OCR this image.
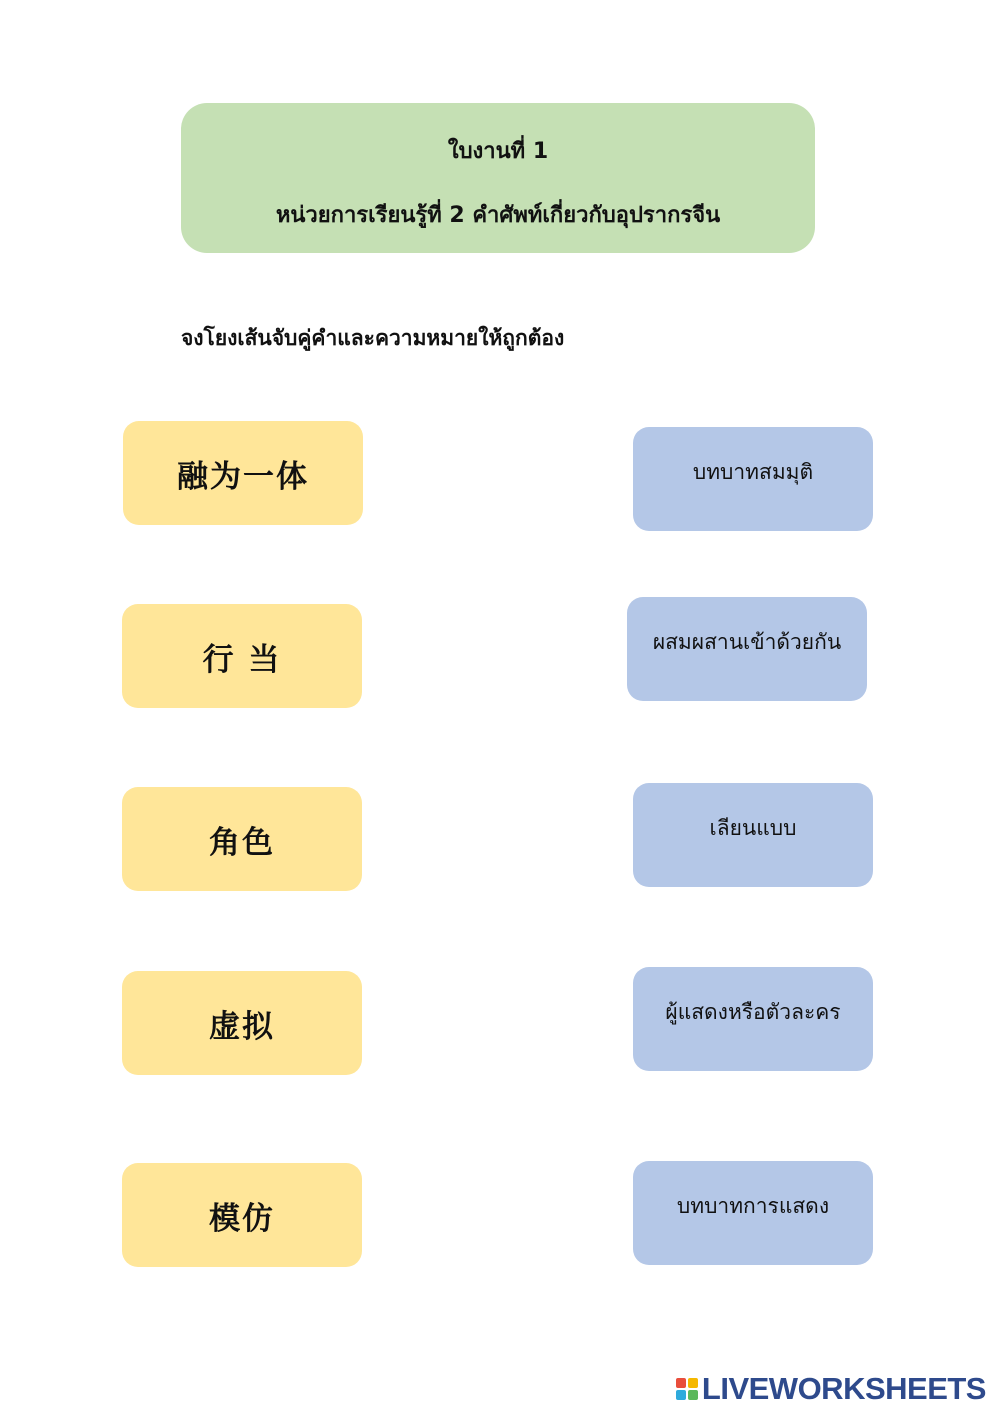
ใบงานที่ 1
หน่วยการเรียนรู้ที่ 2 คำศัพท์เกี่ยวกับอุปรากรจีน
จงโยงเส้นจับคู่คำและความหมายให้ถูกต้อง
融为一体
行 当
角色
虚拟
模仿
บทบาทสมมุติ
ผสมผสานเข้าด้วยกัน
เลียนแบบ
ผู้แสดงหรือตัวละคร
บทบาทการแสดง
LIVEWORKSHEETS
